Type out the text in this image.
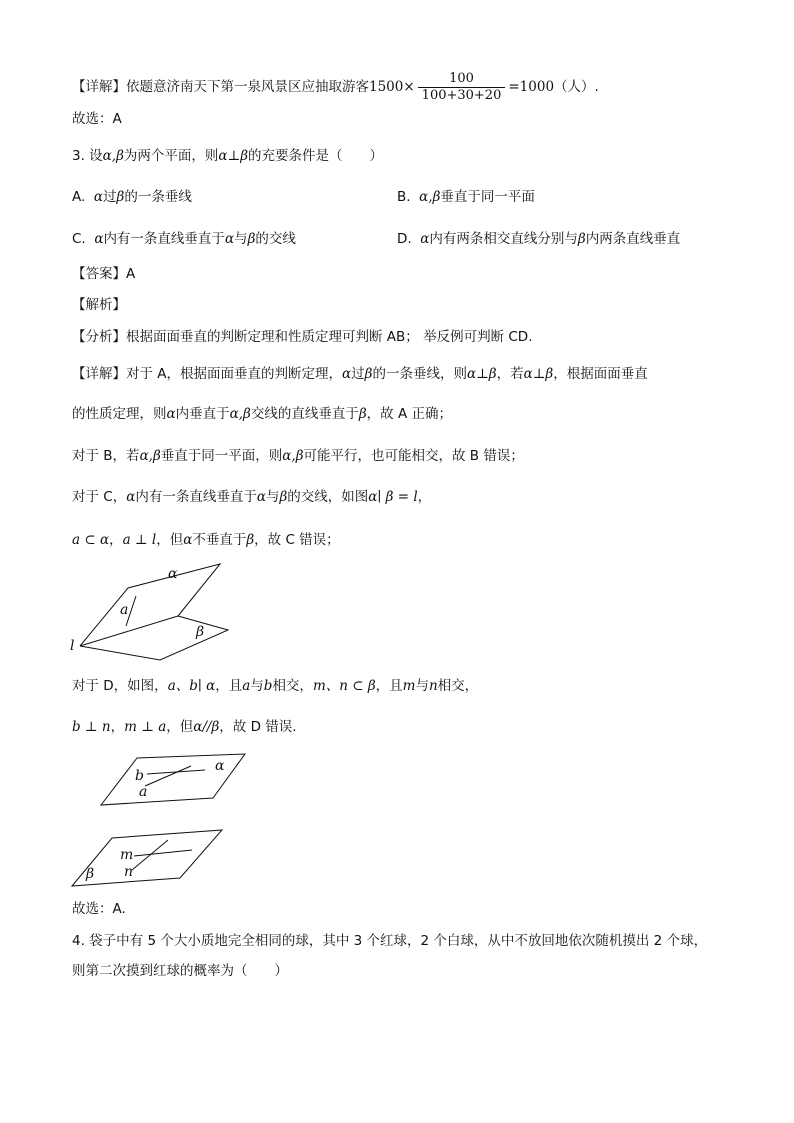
【详解】依题意济南天下第一泉风景区应抽取游客$1500\times \frac{100}{100+30+20} =1000$（人）.
故选：A
3. 设α,β为两个平面，则α⊥β的充要条件是（　　）
A. α过β的一条垂线	B. α,β垂直于同一平面
C. α内有一条直线垂直于α与β的交线	D. α内有两条相交直线分别与β内两条直线垂直
【答案】A
【解析】
【分析】根据面面垂直的判断定理和性质定理可判断 AB； 举反例可判断 CD.
【详解】对于 A，根据面面垂直的判断定理，α过β的一条垂线，则α⊥β，若α⊥β，根据面面垂直
的性质定理，则α内垂直于α,β交线的直线垂直于β，故 A 正确；
对于 B，若α,β垂直于同一平面，则α,β可能平行，也可能相交，故 B 错误；
对于 C，α内有一条直线垂直于α与β的交线，如图α∣ β = l，
a ⊂ α，a ⊥ l，但α不垂直于β，故 C 错误；
α
a
β
l
对于 D，如图，a、b∣ α，且a与b相交，m、n ⊂ β，且m与n相交，
b ⊥ n，m ⊥ a，但α//β，故 D 错误.
b
a
α
m
n
β
故选：A.
4. 袋子中有 5 个大小质地完全相同的球，其中 3 个红球，2 个白球，从中不放回地依次随机摸出 2 个球，
则第二次摸到红球的概率为（　　）
